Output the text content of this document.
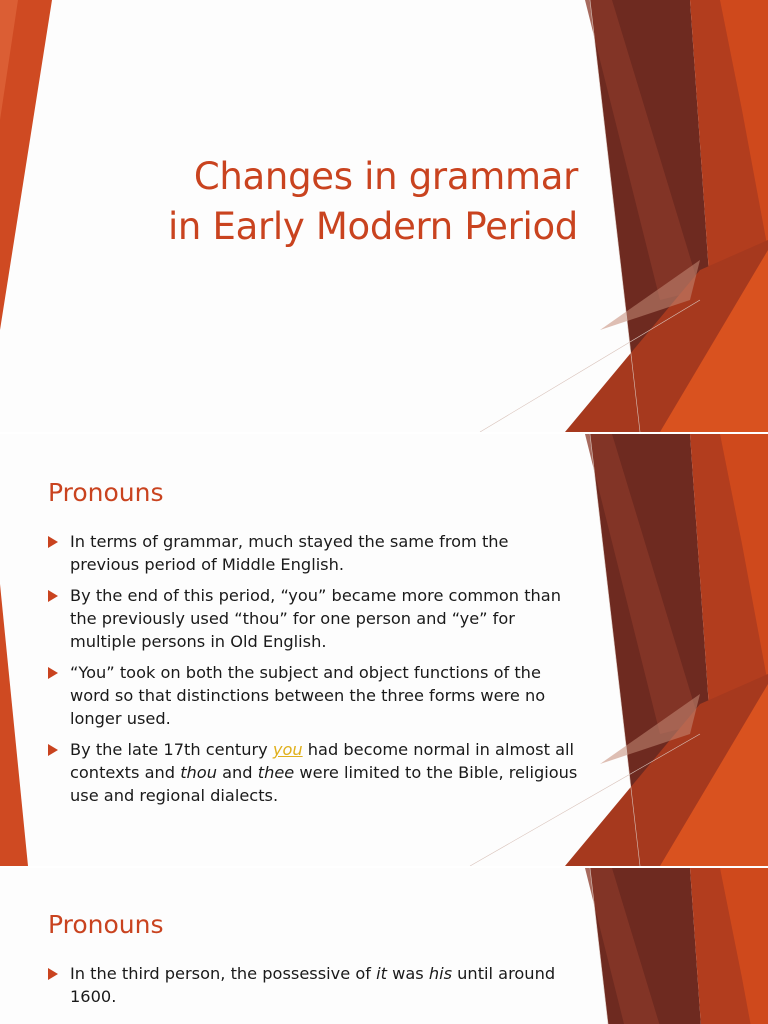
Changes in grammar
in Early Modern Period
Pronouns
In terms of grammar, much stayed the same from the previous period of Middle English.
By the end of this period, “you” became more common than the previously used “thou” for one person and “ye” for multiple persons in Old English.
“You” took on both the subject and object functions of the word so that distinctions between the three forms were no longer used.
By the late 17th century you had become normal in almost all contexts and thou and thee were limited to the Bible, religious use and regional dialects.
Pronouns
In the third person, the possessive of it was his until around 1600.
